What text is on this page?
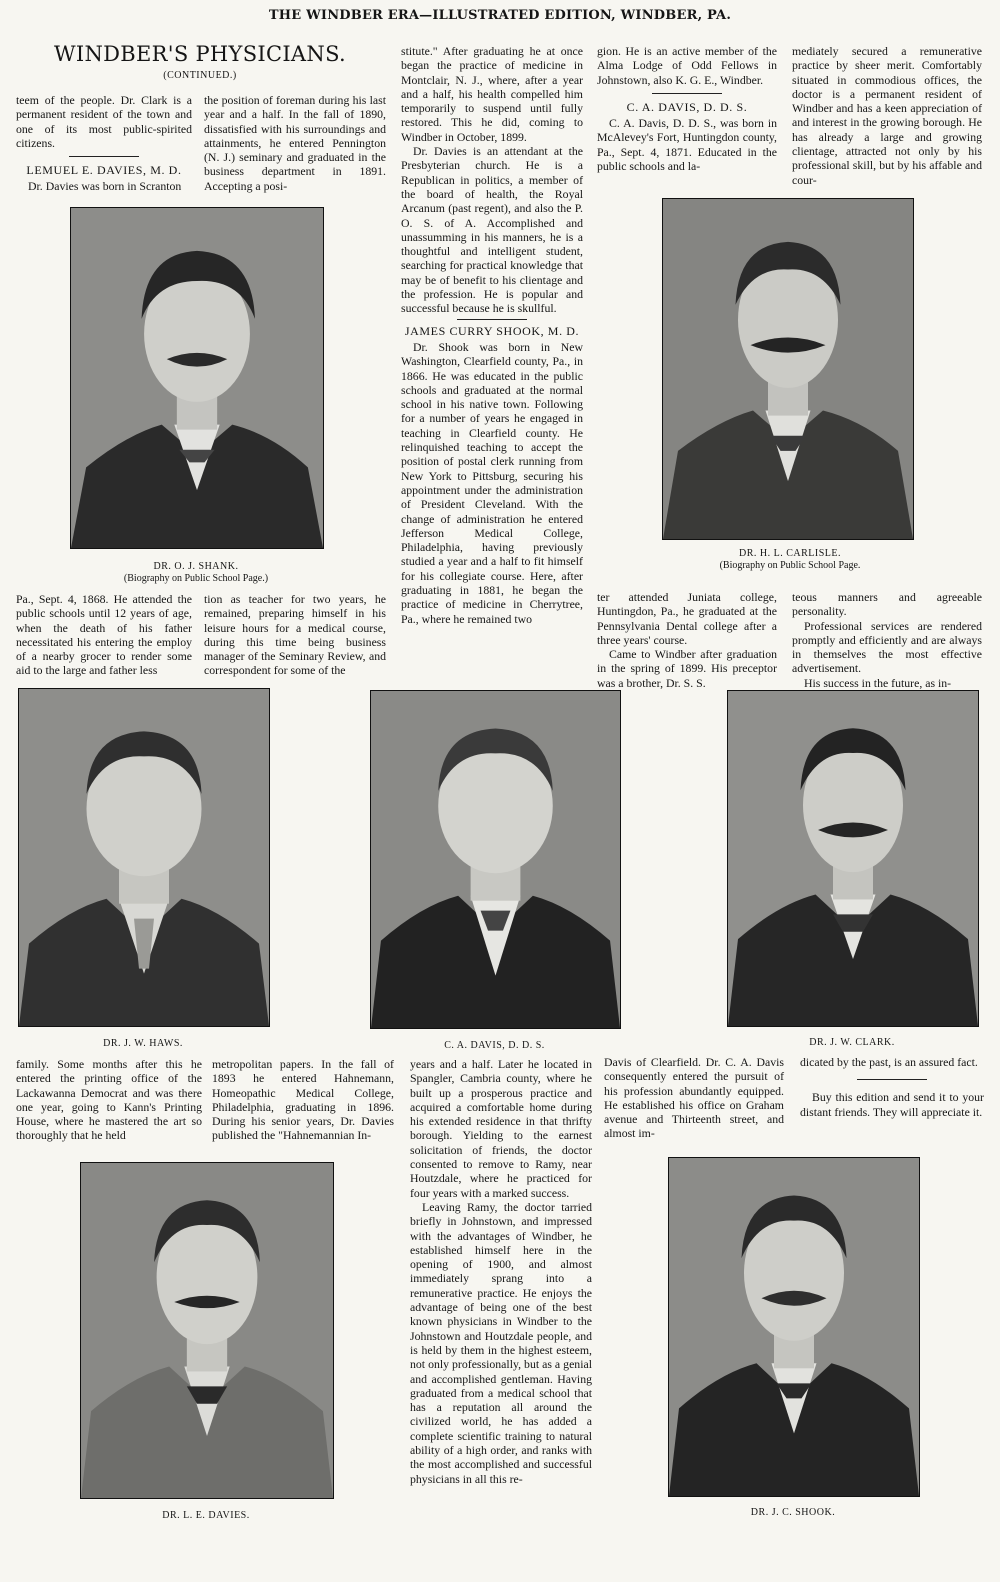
THE WINDBER ERA—ILLUSTRATED EDITION, WINDBER, PA.
WINDBER'S PHYSICIANS.
(CONTINUED.)

teem of the people. Dr. Clark is a permanent resident of the town and one of its most public-spirited citizens.

LEMUEL E. DAVIES, M. D.

Dr. Davies was born in Scranton

the position of foreman during his last year and a half. In the fall of 1890, dissatisfied with his surroundings and attainments, he entered Pennington (N. J.) seminary and graduated in the business department in 1891. Accepting a posi-

stitute." After graduating he at once began the practice of medicine in Montclair, N. J., where, after a year and a half, his health compelled him temporarily to suspend until fully restored. This he did, coming to Windber in October, 1899.

Dr. Davies is an attendant at the Presbyterian church. He is a Republican in politics, a member of the board of health, the Royal Arcanum (past regent), and also the P. O. S. of A. Accomplished and unassumming in his manners, he is a thoughtful and intelligent student, searching for practical knowledge that may be of benefit to his clientage and the profession. He is popular and successful because he is skullful.

JAMES CURRY SHOOK, M. D.

Dr. Shook was born in New Washington, Clearfield county, Pa., in 1866. He was educated in the public schools and graduated at the normal school in his native town. Following for a number of years he engaged in teaching in Clearfield county. He relinquished teaching to accept the position of postal clerk running from New York to Pittsburg, securing his appointment under the administration of President Cleveland. With the change of administration he entered Jefferson Medical College, Philadelphia, having previously studied a year and a half to fit himself for his collegiate course. Here, after graduating in 1881, he began the practice of medicine in Cherrytree, Pa., where he remained two

gion. He is an active member of the Alma Lodge of Odd Fellows in Johnstown, also K. G. E., Windber.

C. A. DAVIS, D. D. S.

C. A. Davis, D. D. S., was born in McAlevey's Fort, Huntingdon county, Pa., Sept. 4, 1871. Educated in the public schools and la-

mediately secured a remunerative practice by sheer merit. Comfortably situated in commodious offices, the doctor is a permanent resident of Windber and has a keen appreciation of and interest in the growing borough. He has already a large and growing clientage, attracted not only by his professional skill, but by his affable and cour-

DR. O. J. SHANK.
(Biography on Public School Page.)
DR. H. L. CARLISLE.
(Biography on Public School Page.

Pa., Sept. 4, 1868. He attended the public schools until 12 years of age, when the death of his father necessitated his entering the employ of a nearby grocer to render some aid to the large and father less

tion as teacher for two years, he remained, preparing himself in his leisure hours for a medical course, during this time being business manager of the Seminary Review, and correspondent for some of the

ter attended Juniata college, Huntingdon, Pa., he graduated at the Pennsylvania Dental college after a three years' course.

Came to Windber after graduation in the spring of 1899. His preceptor was a brother, Dr. S. S.

teous manners and agreeable personality.

Professional services are rendered promptly and efficiently and are always in themselves the most effective advertisement.

His success in the future, as in-

DR. J. W. HAWS.	C. A. DAVIS, D. D. S.	DR. J. W. CLARK.

family. Some months after this he entered the printing office of the Lackawanna Democrat and was there one year, going to Kann's Printing House, where he mastered the art so thoroughly that he held

metropolitan papers. In the fall of 1893 he entered Hahnemann, Homeopathic Medical College, Philadelphia, graduating in 1896. During his senior years, Dr. Davies published the "Hahnemannian In-

years and a half. Later he located in Spangler, Cambria county, where he built up a prosperous practice and acquired a comfortable home during his extended residence in that thrifty borough. Yielding to the earnest solicitation of friends, the doctor consented to remove to Ramy, near Houtzdale, where he practiced for four years with a marked success.

Leaving Ramy, the doctor tarried briefly in Johnstown, and impressed with the advantages of Windber, he established himself here in the opening of 1900, and almost immediately sprang into a remunerative practice. He enjoys the advantage of being one of the best known physicians in Windber to the Johnstown and Houtzdale people, and is held by them in the highest esteem, not only professionally, but as a genial and accomplished gentleman. Having graduated from a medical school that has a reputation all around the civilized world, he has added a complete scientific training to natural ability of a high order, and ranks with the most accomplished and successful physicians in all this re-

Davis of Clearfield. Dr. C. A. Davis consequently entered the pursuit of his profession abundantly equipped. He established his office on Graham avenue and Thirteenth street, and almost im-

dicated by the past, is an assured fact.

Buy this edition and send it to your distant friends. They will appreciate it.

DR. L. E. DAVIES.	DR. J. C. SHOOK.
